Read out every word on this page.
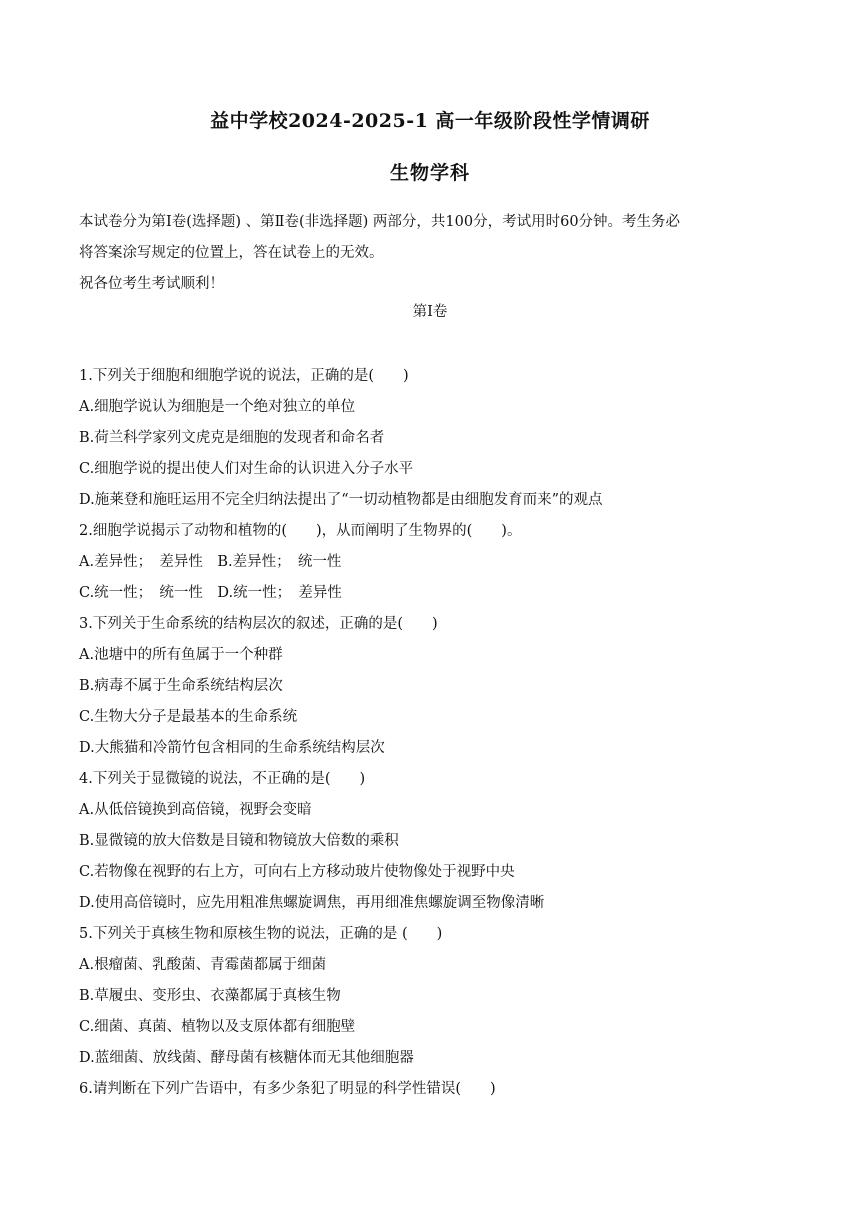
益中学校2024-2025-1 高一年级阶段性学情调研
生物学科

本试卷分为第Ⅰ卷(选择题) 、第Ⅱ卷(非选择题) 两部分，共100分，考试用时60分钟。考生务必

将答案涂写规定的位置上，答在试卷上的无效。

祝各位考生考试顺利！

第Ⅰ卷
1.下列关于细胞和细胞学说的说法，正确的是(　　)
A.细胞学说认为细胞是一个绝对独立的单位
B.荷兰科学家列文虎克是细胞的发现者和命名者
C.细胞学说的提出使人们对生命的认识进入分子水平
D.施莱登和施旺运用不完全归纳法提出了“一切动植物都是由细胞发育而来”的观点
2.细胞学说揭示了动物和植物的(　　)，从而阐明了生物界的(　　)。
A.差异性；　差异性　B.差异性；　统一性
C.统一性；　统一性　D.统一性；　差异性
3.下列关于生命系统的结构层次的叙述，正确的是(　　)
A.池塘中的所有鱼属于一个种群
B.病毒不属于生命系统结构层次
C.生物大分子是最基本的生命系统
D.大熊猫和冷箭竹包含相同的生命系统结构层次
4.下列关于显微镜的说法，不正确的是(　　)
A.从低倍镜换到高倍镜，视野会变暗
B.显微镜的放大倍数是目镜和物镜放大倍数的乘积
C.若物像在视野的右上方，可向右上方移动玻片使物像处于视野中央
D.使用高倍镜时，应先用粗准焦螺旋调焦，再用细准焦螺旋调至物像清晰
5.下列关于真核生物和原核生物的说法，正确的是 (　　)
A.根瘤菌、乳酸菌、青霉菌都属于细菌
B.草履虫、变形虫、衣藻都属于真核生物
C.细菌、真菌、植物以及支原体都有细胞壁
D.蓝细菌、放线菌、酵母菌有核糖体而无其他细胞器
6.请判断在下列广告语中，有多少条犯了明显的科学性错误(　　)
